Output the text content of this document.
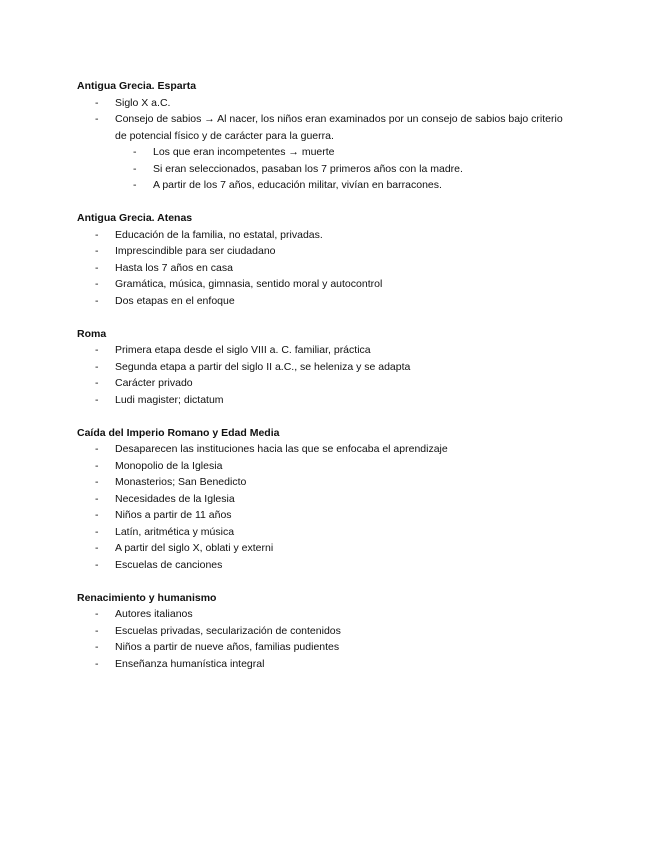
Antigua Grecia. Esparta

- Siglo X a.C.
- Consejo de sabios → Al nacer, los niños eran examinados por un consejo de sabios bajo criterio de potencial físico y de carácter para la guerra.
- Los que eran incompetentes → muerte
- Si eran seleccionados, pasaban los 7 primeros años con la madre.
- A partir de los 7 años, educación militar, vivían en barracones.

Antigua Grecia. Atenas

- Educación de la familia, no estatal, privadas.
- Imprescindible para ser ciudadano
- Hasta los 7 años en casa
- Gramática, música, gimnasia, sentido moral y autocontrol
- Dos etapas en el enfoque

Roma

- Primera etapa desde el siglo VIII a. C. familiar, práctica
- Segunda etapa a partir del siglo II a.C., se heleniza y se adapta
- Carácter privado
- Ludi magister; dictatum

Caída del Imperio Romano y Edad Media

- Desaparecen las instituciones hacia las que se enfocaba el aprendizaje
- Monopolio de la Iglesia
- Monasterios; San Benedicto
- Necesidades de la Iglesia
- Niños a partir de 11 años
- Latín, aritmética y música
- A partir del siglo X, oblati y externi
- Escuelas de canciones

Renacimiento y humanismo

- Autores italianos
- Escuelas privadas, secularización de contenidos
- Niños a partir de nueve años, familias pudientes
- Enseñanza humanística integral
